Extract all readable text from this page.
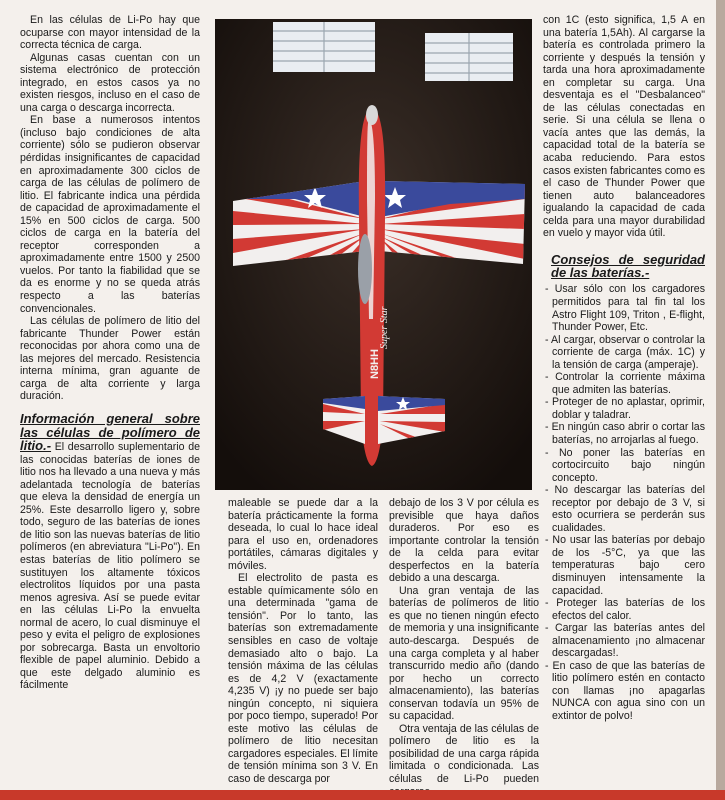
En las células de Li-Po hay que ocuparse con mayor intensidad de la correcta técnica de carga.

Algunas casas cuentan con un sistema electrónico de protección integrado, en estos casos ya no existen riesgos, incluso en el caso de una carga o descarga incorrecta.

En base a numerosos intentos (incluso bajo condiciones de alta corriente) sólo se pudieron observar pérdidas insignificantes de capacidad en aproximadamente 300 ciclos de carga de las células de polímero de litio. El fabricante indica una pérdida de capacidad de aproximadamente el 15% en 500 ciclos de carga. 500 ciclos de carga en la batería del receptor corresponden a aproximadamente entre 1500 y 2500 vuelos. Por tanto la fiabilidad que se da es enorme y no se queda atrás respecto a las baterías convencionales.

Las células de polímero de litio del fabricante Thunder Power están reconocidas por ahora como una de las mejores del mercado. Resistencia interna mínima, gran aguante de carga de alta corriente y larga duración.

Información general sobre las células de polímero de litio.- El desarrollo suplementario de las conocidas baterías de iones de litio nos ha llevado a una nueva y más adelantada tecnología de baterías que eleva la densidad de energía un 25%. Este desarrollo ligero y, sobre todo, seguro de las baterías de iones de litio son las nuevas baterías de litio polímeros (en abreviatura "Li-Po"). En estas baterías de litio polímero se sustituyen los altamente tóxicos electrolitos líquidos por una pasta menos agresiva. Así se puede evitar en las células Li-Po la envuelta normal de acero, lo cual disminuye el peso y evita el peligro de explosiones por sobrecarga. Basta un envoltorio flexible de papel aluminio. Debido a que este delgado aluminio es fácilmente

N8HH
Super Star

con 1C (esto significa, 1,5 A en una batería 1,5Ah). Al cargarse la batería es controlada primero la corriente y después la tensión y tarda una hora aproximadamente en completar su carga. Una desventaja es el "Desbalanceo" de las células conectadas en serie. Si una célula se llena o vacía antes que las demás, la capacidad total de la batería se acaba reduciendo. Para estos casos existen fabricantes como es el caso de Thunder Power que tienen auto balanceadores igualando la capacidad de cada celda para una mayor durabilidad en vuelo y mayor vida útil.

Consejos de seguridad de las baterías.-
- Usar sólo con los cargadores permitidos para tal fin tal los Astro Flight 109, Triton , E-flight, Thunder Power, Etc.
- Al cargar, observar o controlar la corriente de carga (máx. 1C) y la tensión de carga (amperaje).
- Controlar la corriente máxima que admiten las baterías.
- Proteger de no aplastar, oprimir, doblar y taladrar.
- En ningún caso abrir o cortar las baterías, no arrojarlas al fuego.
- No poner las baterías en cortocircuito bajo ningún concepto.
- No descargar las baterías del receptor por debajo de 3 V, si esto ocurriera se perderán sus cualidades.
- No usar las baterías por debajo de los -5°C, ya que las temperaturas bajo cero disminuyen intensamente la capacidad.
- Proteger las baterías de los efectos del calor.
- Cargar las baterías antes del almacenamiento ¡no almacenar descargadas!.
- En caso de que las baterías de litio polímero estén en contacto con llamas ¡no apagarlas NUNCA con agua sino con un extintor de polvo!

maleable se puede dar a la batería prácticamente la forma deseada, lo cual lo hace ideal para el uso en, ordenadores portátiles, cámaras digitales y móviles.

El electrolito de pasta es estable químicamente sólo en una determinada "gama de tensión". Por lo tanto, las baterías son extremadamente sensibles en caso de voltaje demasiado alto o bajo. La tensión máxima de las células es de 4,2 V (exactamente 4,235 V) ¡y no puede ser bajo ningún concepto, ni siquiera por poco tiempo, superado! Por este motivo las células de polímero de litio necesitan cargadores especiales. El límite de tensión mínima son 3 V. En caso de descarga por

debajo de los 3 V por célula es previsible que haya daños duraderos. Por eso es importante controlar la tensión de la celda para evitar desperfectos en la batería debido a una descarga.

Una gran ventaja de las baterías de polímeros de litio es que no tienen ningún efecto de memoria y una insignificante auto-descarga. Después de una carga completa y al haber transcurrido medio año (dando por hecho un correcto almacenamiento), las baterías conservan todavía un 95% de su capacidad.

Otra ventaja de las células de polímero de litio es la posibilidad de una carga rápida limitada o condicionada. Las células de Li-Po pueden
